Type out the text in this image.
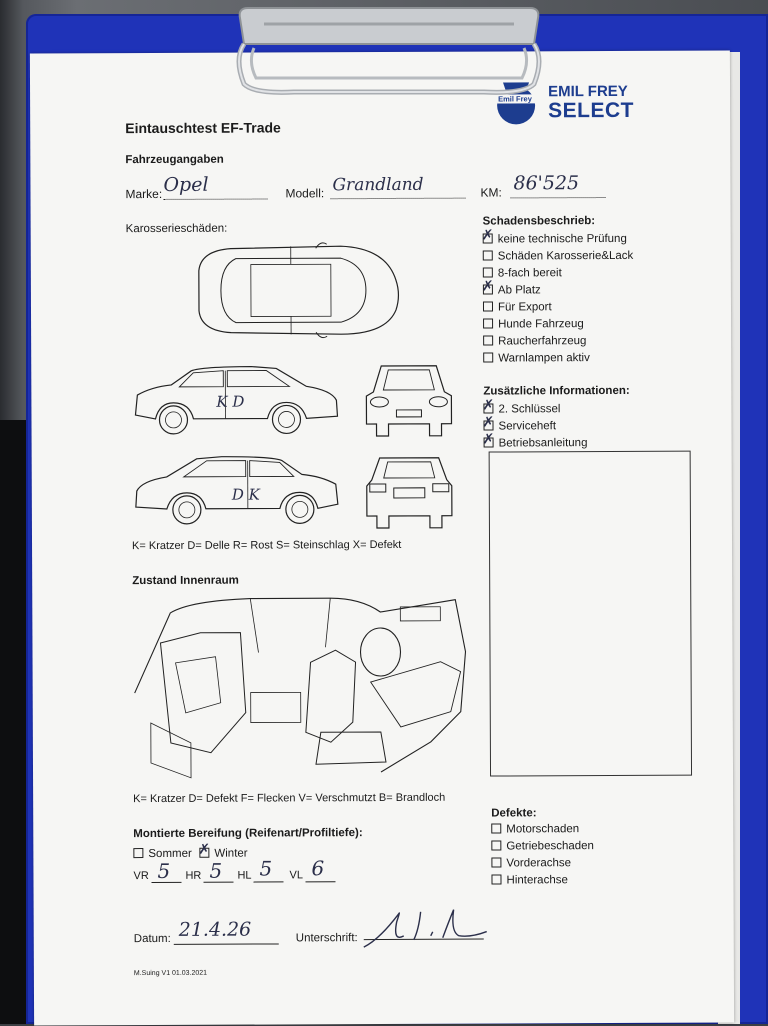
Emil Frey EMIL FREY
SELECT
Eintauschtest EF-Trade
Fahrzeugangaben
Marke: Opel	Modell: Grandland	KM: 86'525
Karosserieschäden:
K D
D K
K= Kratzer D= Delle R= Rost S= Steinschlag X= Defekt
Zustand Innenraum
K= Kratzer D= Defekt F= Flecken V= Verschmutzt B= Brandloch
Montierte Bereifung (Reifenart/Profiltiefe):
Sommer
✗	Winter
VR 5 HR 5 HL 5 VL 6
Datum: 21.4.26	Unterschrift:
M.Suing V1 01.03.2021
Schadensbeschrieb:
✗keine technische Prüfung
Schäden Karosserie&Lack
8-fach bereit
✗Ab Platz
Für Export
Hunde Fahrzeug
Raucherfahrzeug
Warnlampen aktiv
Zusätzliche Informationen:
✗2. Schlüssel
✗Serviceheft
✗Betriebsanleitung
Defekte:
Motorschaden
Getriebeschaden
Vorderachse
Hinterachse
